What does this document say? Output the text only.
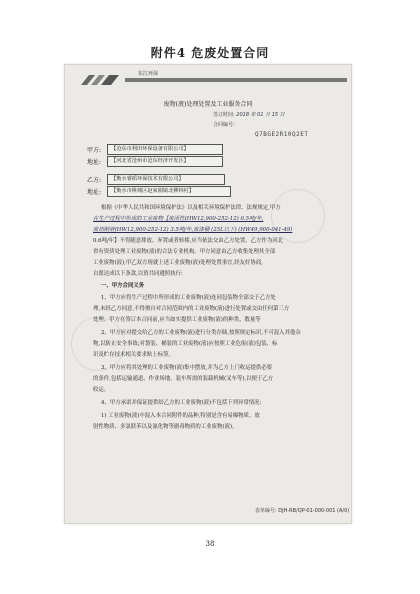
附件4 危废处置合同
东江环保
废物(液)处理处置及工业服务合同
签订时间: 2018 年 01 月 15 日
合同编号:
Q7BGE2R10Q2ET
甲方:	【沧东市利田环保设备有限公司】
地址:	【河北省沧州市沧东经济开发区】
乙方:	【衡水睿韬环保技术有限公司】
地址:	【衡水市桃城区赵家圈镇北柳林村】
根据《中华人民共和国环境保护法》以及相关环境保护法律、法规规定,甲方
在生产过程中形成的工业废物【废活性(HW12,900-252-12) 0.5吨/年,
废切削液(HW12,900-252-12) 3.5吨/年,废漆桶 (25L以下) (HW49,900-041-49)
0.6吨/年】不得随意排放、弃置或者转移,应当依法交由乙方处置。乙方作为河北
省有资质处理工业废物(液)的合法专业机构。甲方同意由乙方收集处理其全部
工业废物(液),甲乙双方现就上述工业废物(液)处理处置事宜,经友好协商,
自愿达成以下条款,以资共同遵照执行:
一、甲方合同义务
1、甲方应将生产过程中所形成的工业废物(液)连同包装物全部交于乙方处
理,未经乙方同意,不得擅自对合同范围内的工业废物(液)进行处置或交由任何第三方
处理。甲方在签订本合同前,应当如实提供工业废物(液)的种类、数量等
2、甲方应对提交给乙方的工业废物(液)进行分类存储,按照规定标识,不可混入其他杂
物,以防止安全事故;对袋装、桶装的工业废物(液)应按照工业危废(液)包装、标
识及贮存技术相关要求贴上标签。
3、甲方应将其处理的工业废物(液)集中摆放,并为乙方上门收运提供必要
的条件,包括运输通道、作业场地、装车所需的装载机械(叉车等),以便于乙方
收运。
4、甲方承诺并保证提供给乙方的工业废物(液)不包括下列异常情况:
1) 工业废物(液)中混入本合同附件的品种,特别是含有易爆物质、放
射性物质、多氯联苯以及氰化物等剧毒物质的工业废物(液)。
表单编号: DJH-RB/QP-01-000-001 (A/0)
38
